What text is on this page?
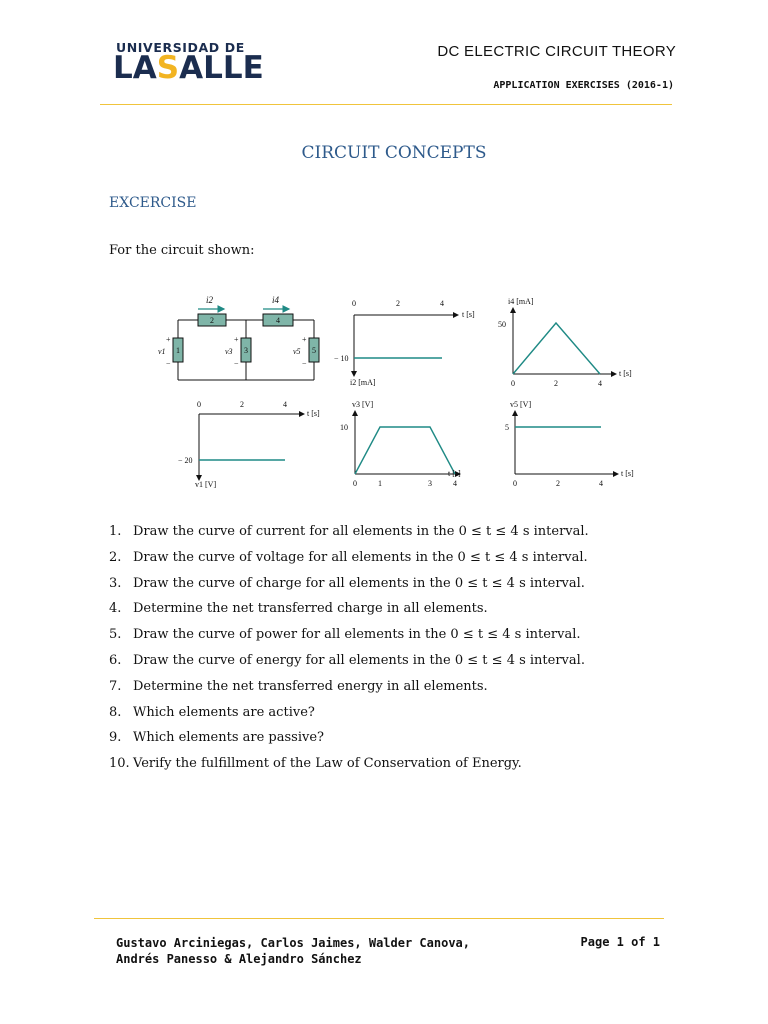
UNIVERSIDAD DE
LASALLE	DC ELECTRIC CIRCUIT THEORY
APPLICATION EXERCISES (2016-1)
CIRCUIT CONCEPTS
EXCERCISE
For the circuit shown:
2	4
1	3	5
i2	i4
v1	v3	v5
+
−
+
−
+
−
0	2	4
t [s]
− 10
i2 [mA]
i4 [mA]
50
0	2	4
t [s]
0	2	4
t [s]
− 20
v1 [V]
v3 [V]
10
0	1	3	4
t [s]
v5 [V]
5
0	2	4
t [s]
1. Draw the curve of current for all elements in the 0 ≤ t ≤ 4 s interval.
2. Draw the curve of voltage for all elements in the 0 ≤ t ≤ 4 s interval.
3. Draw the curve of charge for all elements in the 0 ≤ t ≤ 4 s interval.
4. Determine the net transferred charge in all elements.
5. Draw the curve of power for all elements in the 0 ≤ t ≤ 4 s interval.
6. Draw the curve of energy for all elements in the 0 ≤ t ≤ 4 s interval.
7. Determine the net transferred energy in all elements.
8. Which elements are active?
9. Which elements are passive?
10. Verify the fulfillment of the Law of Conservation of Energy.
Gustavo Arciniegas, Carlos Jaimes, Walder Canova,
Andrés Panesso & Alejandro Sánchez
Page 1 of 1
